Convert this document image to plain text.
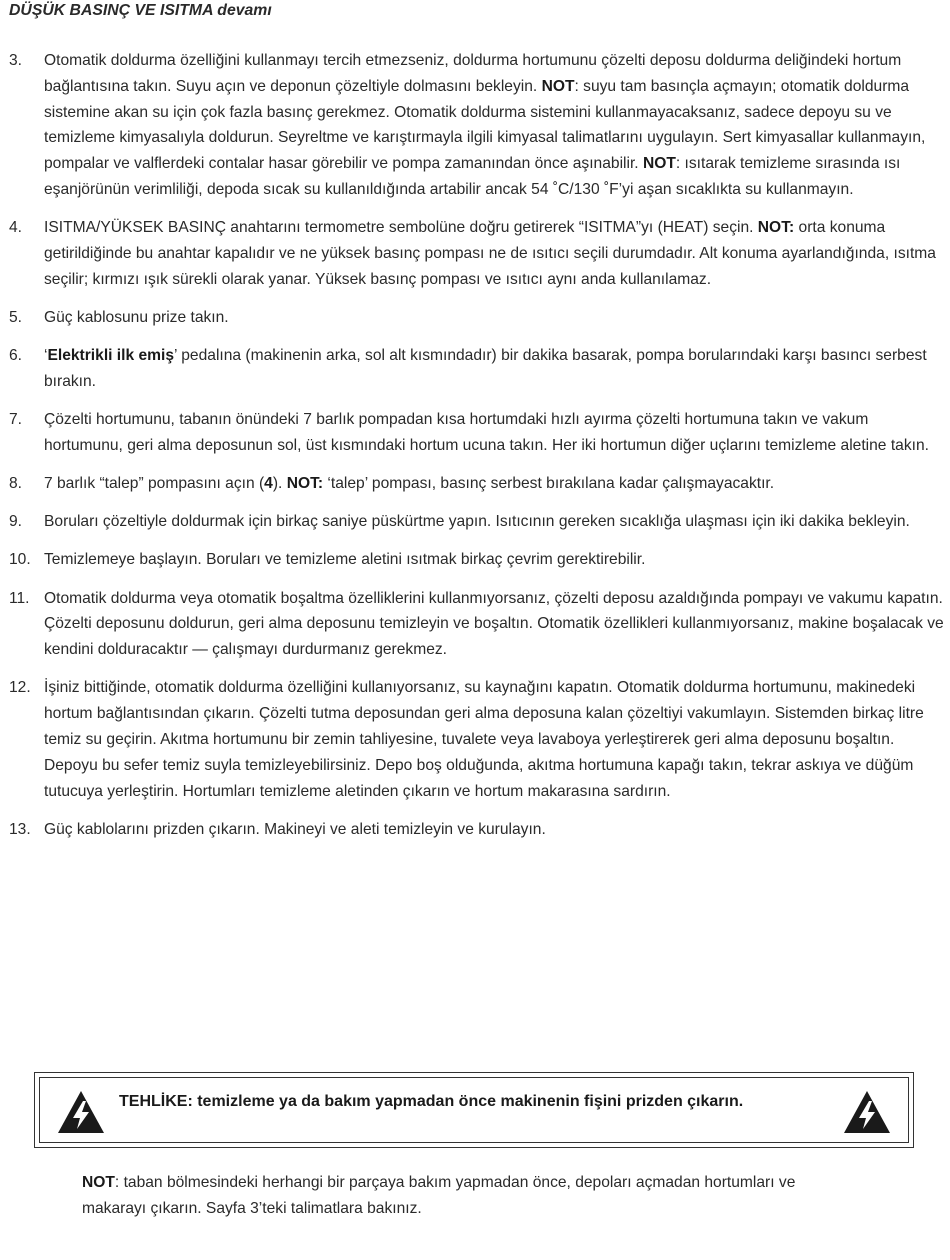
DÜŞÜK BASINÇ VE ISITMA devamı
3. Otomatik doldurma özelliğini kullanmayı tercih etmezseniz, doldurma hortumunu çözelti deposu doldurma deliğindeki hortum bağlantısına takın. Suyu açın ve deponun çözeltiyle dolmasını bekleyin. NOT: suyu tam basınçla açmayın; otomatik doldurma sistemine akan su için çok fazla basınç gerekmez. Otomatik doldurma sistemini kullanmayacaksanız, sadece depoyu su ve temizleme kimyasalıyla doldurun. Seyreltme ve karıştırmayla ilgili kimyasal talimatlarını uygulayın. Sert kimyasallar kullanmayın, pompalar ve valflerdeki contalar hasar görebilir ve pompa zamanından önce aşınabilir. NOT: ısıtarak temizleme sırasında ısı eşanjörünün verimliliği, depoda sıcak su kullanıldığında artabilir ancak 54 ˚C/130 ˚F’yi aşan sıcaklıkta su kullanmayın.
4. ISITMA/YÜKSEK BASINÇ anahtarını termometre sembolüne doğru getirerek “ISITMA”yı (HEAT) seçin. NOT: orta konuma getirildiğinde bu anahtar kapalıdır ve ne yüksek basınç pompası ne de ısıtıcı seçili durumdadır. Alt konuma ayarlandığında, ısıtma seçilir; kırmızı ışık sürekli olarak yanar. Yüksek basınç pompası ve ısıtıcı aynı anda kullanılamaz.
5. Güç kablosunu prize takın.
6. ‘Elektrikli ilk emiş’ pedalına (makinenin arka, sol alt kısmındadır) bir dakika basarak, pompa borularındaki karşı basıncı serbest bırakın.
7. Çözelti hortumunu, tabanın önündeki 7 barlık pompadan kısa hortumdaki hızlı ayırma çözelti hortumuna takın ve vakum hortumunu, geri alma deposunun sol, üst kısmındaki hortum ucuna takın. Her iki hortumun diğer uçlarını temizleme aletine takın.
8. 7 barlık “talep” pompasını açın (4). NOT: ‘talep’ pompası, basınç serbest bırakılana kadar çalışmayacaktır.
9. Boruları çözeltiyle doldurmak için birkaç saniye püskürtme yapın. Isıtıcının gereken sıcaklığa ulaşması için iki dakika bekleyin.
10. Temizlemeye başlayın. Boruları ve temizleme aletini ısıtmak birkaç çevrim gerektirebilir.
11. Otomatik doldurma veya otomatik boşaltma özelliklerini kullanmıyorsanız, çözelti deposu azaldığında pompayı ve vakumu kapatın. Çözelti deposunu doldurun, geri alma deposunu temizleyin ve boşaltın. Otomatik özellikleri kullanmıyorsanız, makine boşalacak ve kendini dolduracaktır — çalışmayı durdurmanız gerekmez.
12. İşiniz bittiğinde, otomatik doldurma özelliğini kullanıyorsanız, su kaynağını kapatın. Otomatik doldurma hortumunu, makinedeki hortum bağlantısından çıkarın. Çözelti tutma deposundan geri alma deposuna kalan çözeltiyi vakumlayın. Sistemden birkaç litre temiz su geçirin. Akıtma hortumunu bir zemin tahliyesine, tuvalete veya lavaboya yerleştirerek geri alma deposunu boşaltın. Depoyu bu sefer temiz suyla temizleyebilirsiniz. Depo boş olduğunda, akıtma hortumuna kapağı takın, tekrar askıya ve düğüm tutucuya yerleştirin. Hortumları temizleme aletinden çıkarın ve hortum makarasına sardırın.
13. Güç kablolarını prizden çıkarın. Makineyi ve aleti temizleyin ve kurulayın.
TEHLİKE: temizleme ya da bakım yapmadan önce makinenin fişini prizden çıkarın.
NOT: taban bölmesindeki herhangi bir parçaya bakım yapmadan önce, depoları açmadan hortumları ve makarayı çıkarın. Sayfa 3’teki talimatlara bakınız.
